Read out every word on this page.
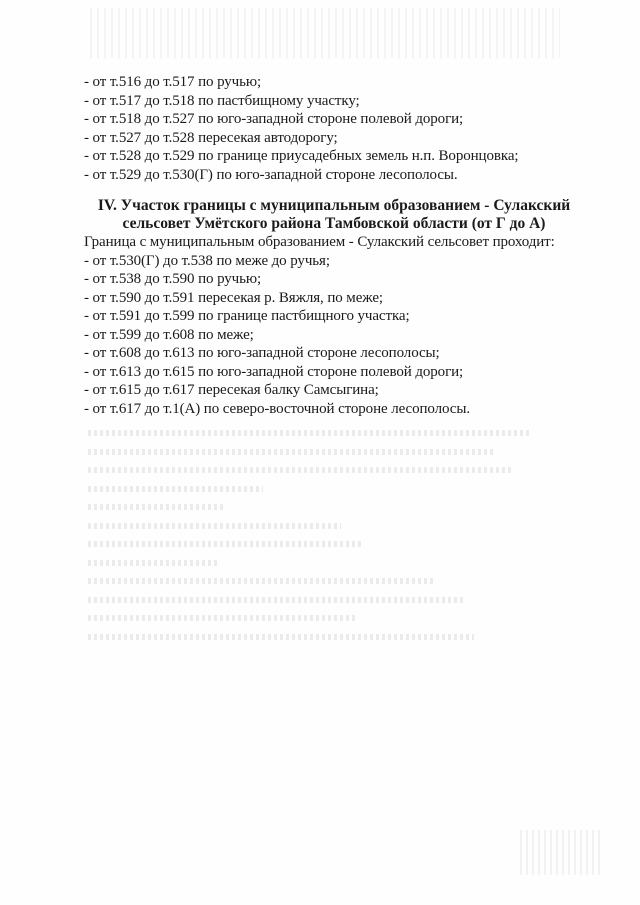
- от т.516 до т.517 по ручью;
- от т.517 до т.518 по пастбищному участку;
- от т.518 до т.527 по юго-западной стороне полевой дороги;
- от т.527 до т.528 пересекая автодорогу;
- от т.528 до т.529 по границе приусадебных земель н.п. Воронцовка;
- от т.529 до т.530(Г) по юго-западной стороне лесополосы.
IV. Участок границы с муниципальным образованием - Сулакский
сельсовет Умётского района Тамбовской области (от Г до А)
Граница с муниципальным образованием - Сулакский сельсовет проходит:
- от т.530(Г) до т.538 по меже до ручья;
- от т.538 до т.590 по ручью;
- от т.590 до т.591 пересекая р. Вяжля, по меже;
- от т.591 до т.599 по границе пастбищного участка;
- от т.599 до т.608 по меже;
- от т.608 до т.613 по юго-западной стороне лесополосы;
- от т.613 до т.615 по юго-западной стороне полевой дороги;
- от т.615 до т.617 пересекая балку Самсыгина;
- от т.617 до т.1(А) по северо-восточной стороне лесополосы.
